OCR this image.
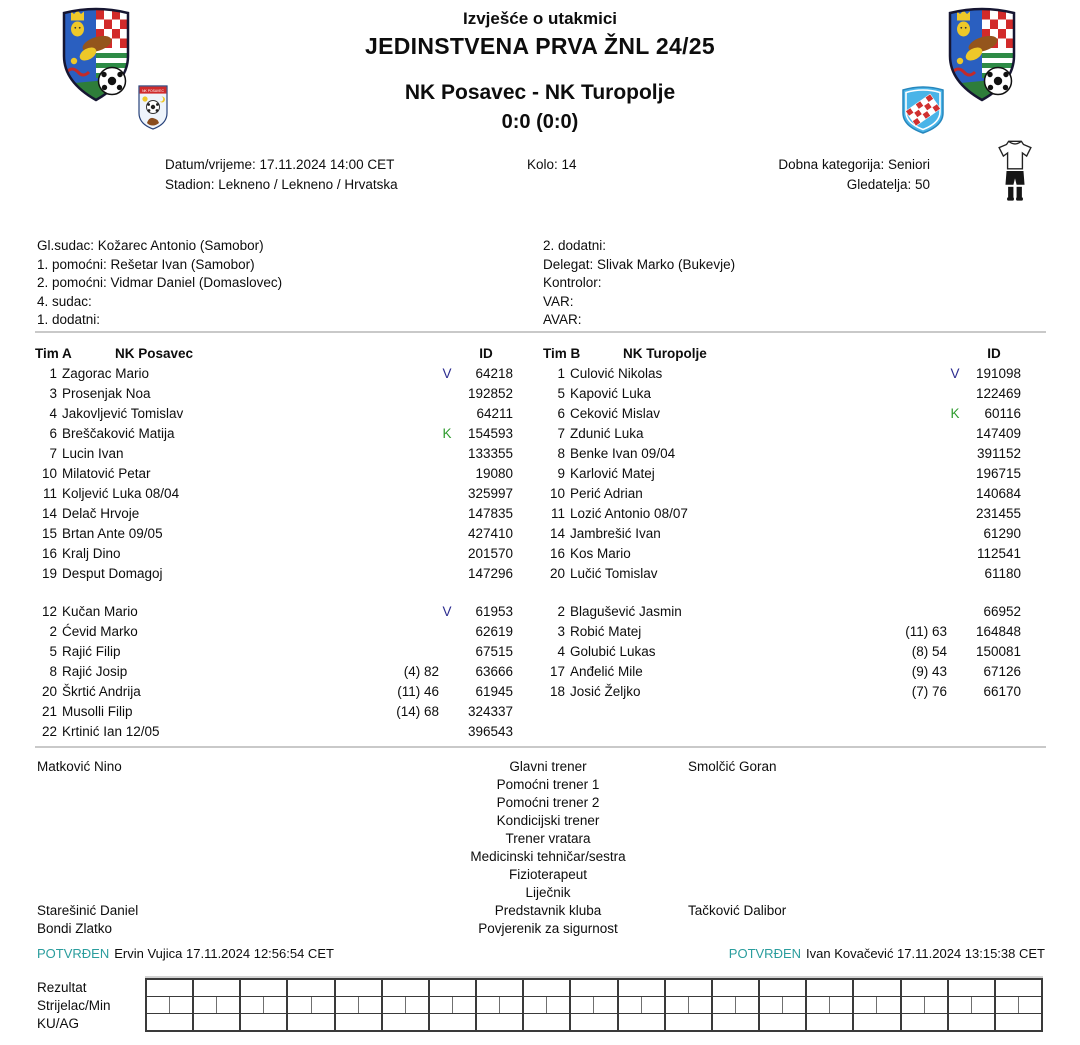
NK POSAVEC
Izvješće o utakmici
JEDINSTVENA PRVA ŽNL 24/25
NK Posavec - NK Turopolje
0:0 (0:0)
Datum/vrijeme: 17.11.2024 14:00 CET
Stadion: Lekneno / Lekneno / Hrvatska
Kolo: 14	Dobna kategorija: Seniori
Gledatelja: 50
Gl.sudac: Kožarec Antonio (Samobor)
1. pomoćni: Rešetar Ivan (Samobor)
2. pomoćni: Vidmar Daniel (Domaslovec)
4. sudac:
1. dodatni:
2. dodatni:
Delegat: Slivak Marko (Bukevje)
Kontrolor:
VAR:
AVAR:
Tim A	NK Posavec	ID
1 Zagorac Mario	V	64218
3 Prosenjak Noa	192852
4 Jakovljević Tomislav	64211
6 Breščaković Matija	K	154593
7 Lucin Ivan	133355
10 Milatović Petar	19080
11 Koljević Luka 08/04	325997
14 Delač Hrvoje	147835
15 Brtan Ante 09/05	427410
16 Kralj Dino	201570
19 Desput Domagoj	147296
12 Kučan Mario	V	61953
2 Ćevid Marko	62619
5 Rajić Filip	67515
8 Rajić Josip	(4) 82	63666
20 Škrtić Andrija	(11) 46	61945
21 Musolli Filip	(14) 68	324337
22 Krtinić Ian 12/05	396543
Tim B	NK Turopolje	ID
1 Culović Nikolas	V	191098
5 Kapović Luka	122469
6 Ceković Mislav	K	60116
7 Zdunić Luka	147409
8 Benke Ivan 09/04	391152
9 Karlović Matej	196715
10 Perić Adrian	140684
11 Lozić Antonio 08/07	231455
14 Jambrešić Ivan	61290
16 Kos Mario	112541
20 Lučić Tomislav	61180
2 Blagušević Jasmin	66952
3 Robić Matej	(11) 63	164848
4 Golubić Lukas	(8) 54	150081
17 Anđelić Mile	(9) 43	67126
18 Josić Željko	(7) 76	66170
Matković Nino	Glavni trener	Smolčić Goran
Pomoćni trener 1
Pomoćni trener 2
Kondicijski trener
Trener vratara
Medicinski tehničar/sestra
Fizioterapeut
Liječnik
Starešinić Daniel	Predstavnik kluba	Tačković Dalibor
Bondi Zlatko	Povjerenik za sigurnost
POTVRĐEN Ervin Vujica 17.11.2024 12:56:54 CET	POTVRĐEN Ivan Kovačević 17.11.2024 13:15:38 CET
Rezultat
Strijelac/Min
KU/AG
